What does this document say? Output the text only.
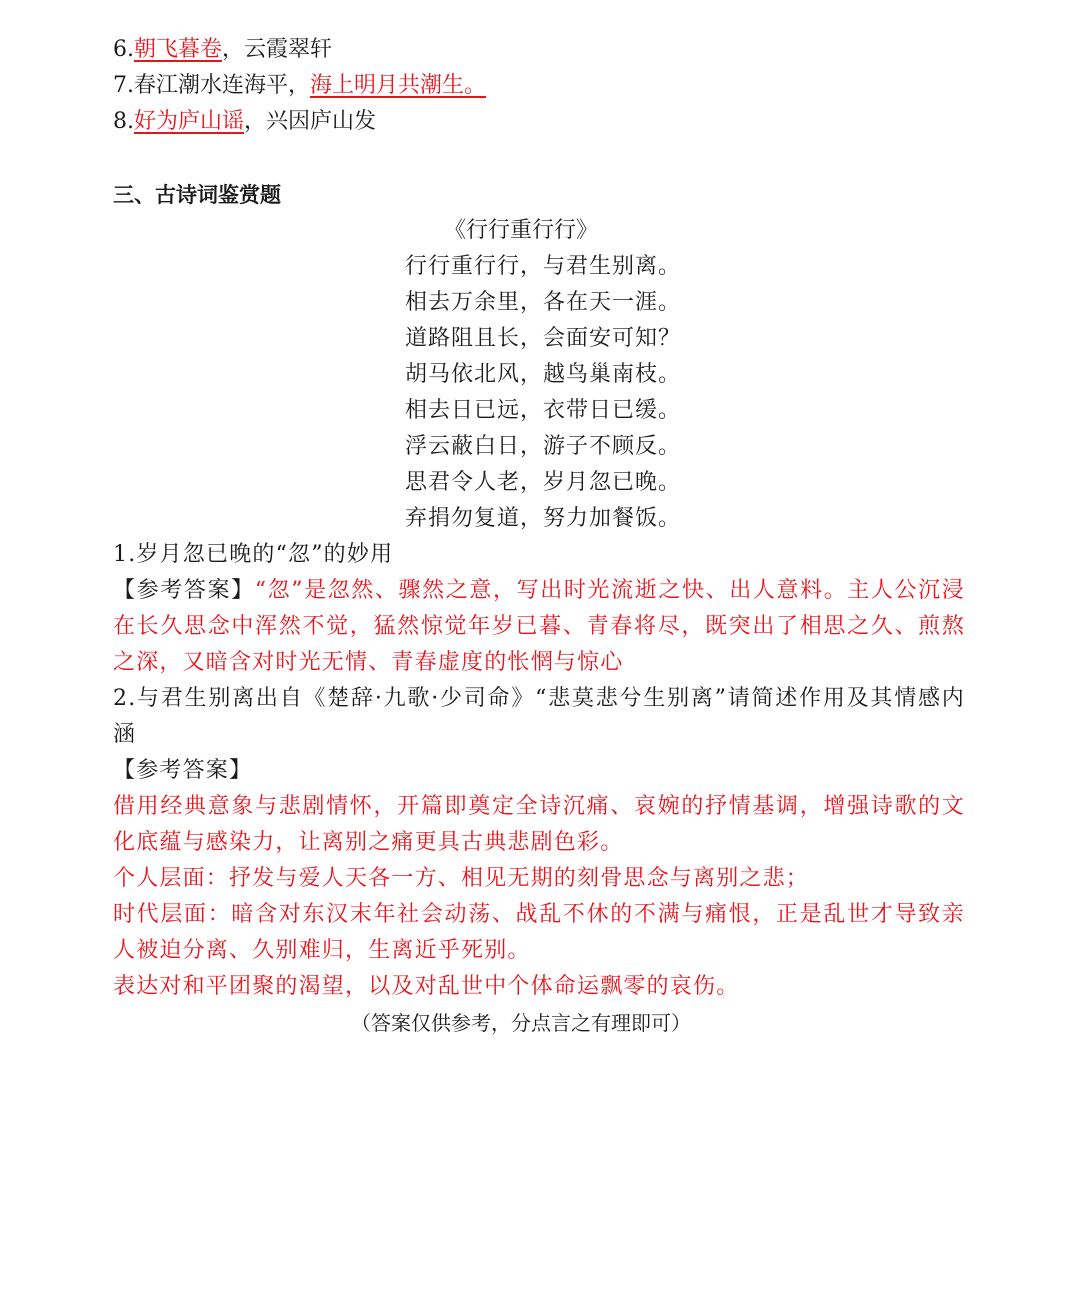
6.朝飞暮卷，云霞翠轩
7.春江潮水连海平，海上明月共潮生。
8.好为庐山谣，兴因庐山发
三、古诗词鉴赏题
《行行重行行》
行行重行行，与君生别离。
相去万余里，各在天一涯。
道路阻且长，会面安可知？
胡马依北风，越鸟巢南枝。
相去日已远，衣带日已缓。
浮云蔽白日，游子不顾反。
思君令人老，岁月忽已晚。
弃捐勿复道，努力加餐饭。
1.岁月忽已晚的“忽”的妙用
【参考答案】“忽”是忽然、骤然之意，写出时光流逝之快、出人意料。主人公沉浸在长久思念中浑然不觉，猛然惊觉年岁已暮、青春将尽，既突出了相思之久、煎熬之深，又暗含对时光无情、青春虚度的怅惘与惊心
2.与君生别离出自《楚辞·九歌·少司命》“悲莫悲兮生别离”请简述作用及其情感内涵
【参考答案】
借用经典意象与悲剧情怀，开篇即奠定全诗沉痛、哀婉的抒情基调，增强诗歌的文化底蕴与感染力，让离别之痛更具古典悲剧色彩。
个人层面：抒发与爱人天各一方、相见无期的刻骨思念与离别之悲；
时代层面：暗含对东汉末年社会动荡、战乱不休的不满与痛恨，正是乱世才导致亲人被迫分离、久别难归，生离近乎死别。
表达对和平团聚的渴望，以及对乱世中个体命运飘零的哀伤。
（答案仅供参考，分点言之有理即可）
